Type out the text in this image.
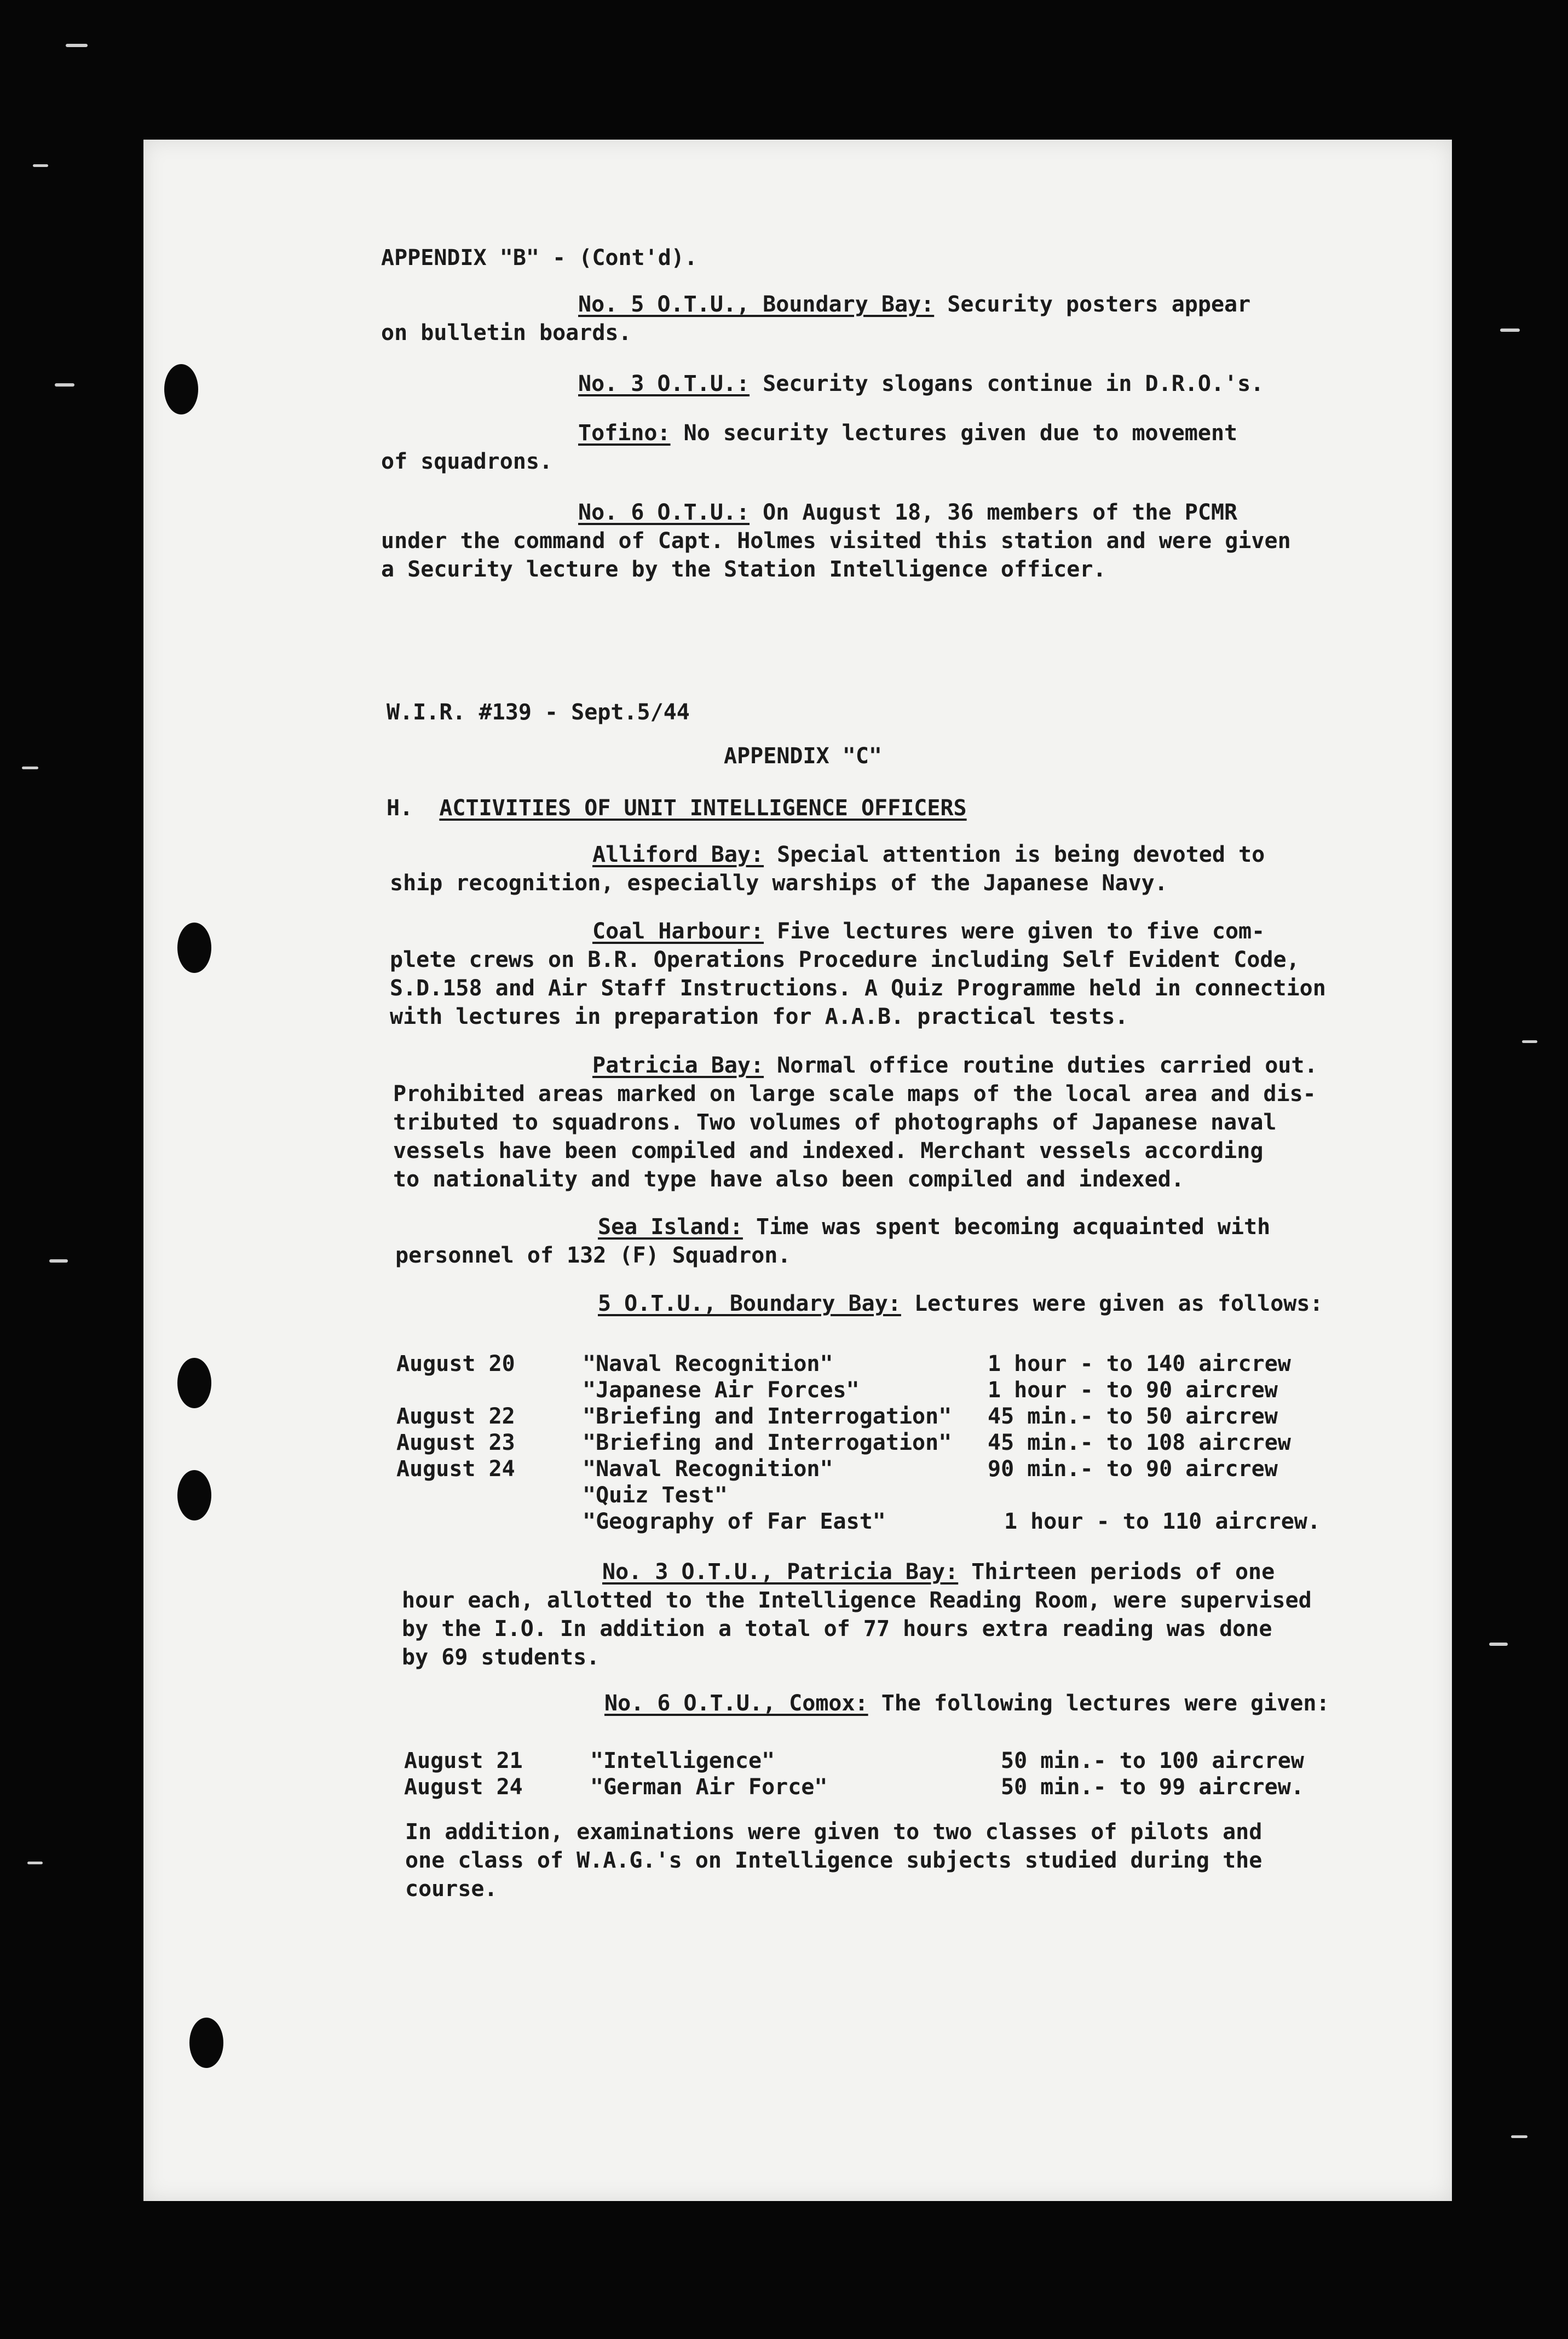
APPENDIX "B" - (Cont'd).

No. 5 O.T.U., Boundary Bay: Security posters appear
on bulletin boards.

No. 3 O.T.U.: Security slogans continue in D.R.O.'s.

Tofino: No security lectures given due to movement
of squadrons.

No. 6 O.T.U.: On August 18, 36 members of the PCMR
under the command of Capt. Holmes visited this station and were given
a Security lecture by the Station Intelligence officer.

W.I.R. #139 - Sept.5/44

APPENDIX "C"

H. ACTIVITIES OF UNIT INTELLIGENCE OFFICERS

Alliford Bay: Special attention is being devoted to
ship recognition, especially warships of the Japanese Navy.

Coal Harbour: Five lectures were given to five com-
plete crews on B.R. Operations Procedure including Self Evident Code,
S.D.158 and Air Staff Instructions. A Quiz Programme held in connection
with lectures in preparation for A.A.B. practical tests.

Patricia Bay: Normal office routine duties carried out.
Prohibited areas marked on large scale maps of the local area and dis-
tributed to squadrons. Two volumes of photographs of Japanese naval
vessels have been compiled and indexed. Merchant vessels according
to nationality and type have also been compiled and indexed.

Sea Island: Time was spent becoming acquainted with
personnel of 132 (F) Squadron.

5 O.T.U., Boundary Bay: Lectures were given as follows:

August 20	"Naval Recognition"	1 hour - to 140 aircrew
"Japanese Air Forces"	1 hour - to 90 aircrew
August 22	"Briefing and Interrogation" 45 min.- to 50 aircrew
August 23	"Briefing and Interrogation" 45 min.- to 108 aircrew
August 24	"Naval Recognition"	90 min.- to 90 aircrew
"Quiz Test"
"Geography of Far East"	1 hour - to 110 aircrew.

No. 3 O.T.U., Patricia Bay: Thirteen periods of one
hour each, allotted to the Intelligence Reading Room, were supervised
by the I.O. In addition a total of 77 hours extra reading was done
by 69 students.

No. 6 O.T.U., Comox: The following lectures were given:

August 21	"Intelligence"	50 min.- to 100 aircrew
August 24	"German Air Force"	50 min.- to 99 aircrew.

In addition, examinations were given to two classes of pilots and
one class of W.A.G.'s on Intelligence subjects studied during the
course.
